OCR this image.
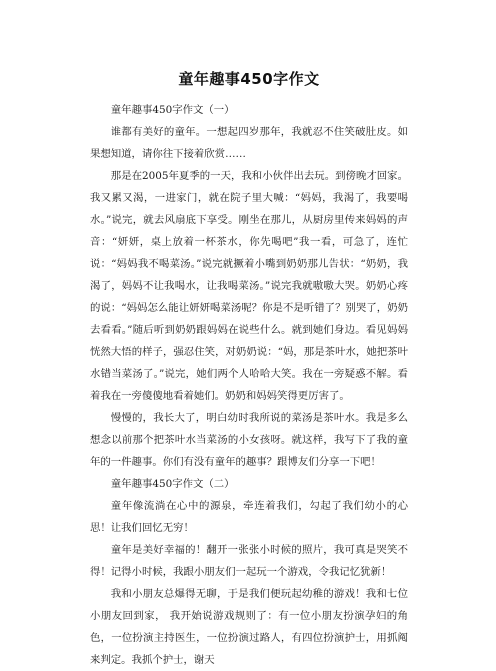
童年趣事450字作文

童年趣事450字作文（一）

谁都有美好的童年。一想起四岁那年，我就忍不住笑破肚皮。如果想知道，请你往下接着欣赏……

那是在2005年夏季的一天，我和小伙伴出去玩。到傍晚才回家。我又累又渴，一进家门，就在院子里大喊：“妈妈，我渴了，我要喝水。”说完，就去风扇底下享受。刚坐在那儿，从厨房里传来妈妈的声音：“妍妍，桌上放着一杯茶水，你先喝吧”我一看，可急了，连忙说：“妈妈我不喝菜汤。”说完就撅着小嘴到奶奶那儿告状：“奶奶，我渴了，妈妈不让我喝水，让我喝菜汤。”说完我就嗷嗷大哭。奶奶心疼的说：“妈妈怎么能让妍妍喝菜汤呢？你是不是听错了？别哭了，奶奶去看看。”随后听到奶奶跟妈妈在说些什么。就到她们身边。看见妈妈恍然大悟的样子，强忍住笑，对奶奶说：“妈，那是茶叶水，她把茶叶水错当菜汤了。”说完，她们两个人哈哈大笑。我在一旁疑惑不解。看着我在一旁傻傻地看着她们。奶奶和妈妈笑得更厉害了。

慢慢的，我长大了，明白幼时我所说的菜汤是茶叶水。我是多么想念以前那个把茶叶水当菜汤的小女孩呀。就这样，我写下了我的童年的一件趣事。你们有没有童年的趣事？跟博友们分享一下吧！

童年趣事450字作文（二）

童年像流淌在心中的源泉，牵连着我们，勾起了我们幼小的心思！让我们回忆无穷！

童年是美好幸福的！翻开一张张小时候的照片，我可真是哭笑不得！记得小时候，我跟小朋友们一起玩一个游戏，令我记忆犹新！

我和小朋友总爆得无聊，于是我们便玩起幼稚的游戏！我和七位小朋友回到家， 我开始说游戏规则了：有一位小朋友扮演孕妇的角色，一位扮演主持医生，一位扮演过路人，有四位扮演护士，用抓阄来判定。我抓个护士，谢天
